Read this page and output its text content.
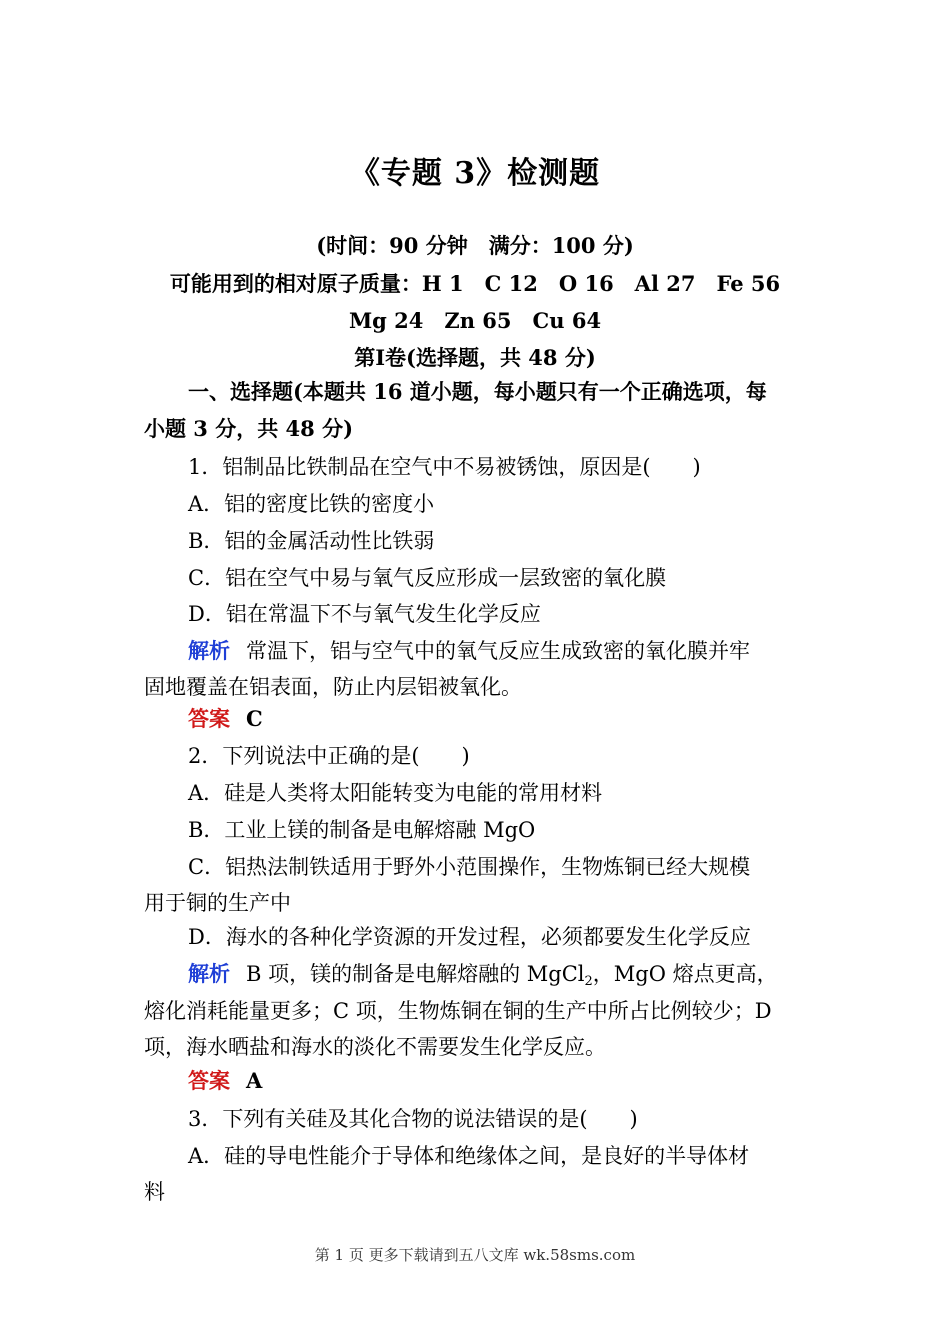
《专题 3》检测题
(时间：90 分钟　满分：100 分)
可能用到的相对原子质量：H 1　C 12　O 16　Al 27　Fe 56
Mg 24　Zn 65　Cu 64
第Ⅰ卷(选择题，共 48 分)
一、选择题(本题共 16 道小题，每小题只有一个正确选项，每
小题 3 分，共 48 分)
1．铝制品比铁制品在空气中不易被锈蚀，原因是(　　)
A．铝的密度比铁的密度小
B．铝的金属活动性比铁弱
C．铝在空气中易与氧气反应形成一层致密的氧化膜
D．铝在常温下不与氧气发生化学反应
解析 常温下，铝与空气中的氧气反应生成致密的氧化膜并牢
固地覆盖在铝表面，防止内层铝被氧化。
答案 C
2．下列说法中正确的是(　　)
A．硅是人类将太阳能转变为电能的常用材料
B．工业上镁的制备是电解熔融 MgO
C．铝热法制铁适用于野外小范围操作，生物炼铜已经大规模
用于铜的生产中
D．海水的各种化学资源的开发过程，必须都要发生化学反应
解析 B 项，镁的制备是电解熔融的 MgCl$_2$，MgO 熔点更高，
熔化消耗能量更多；C 项，生物炼铜在铜的生产中所占比例较少；D
项，海水晒盐和海水的淡化不需要发生化学反应。
答案 A
3．下列有关硅及其化合物的说法错误的是(　　)
A．硅的导电性能介于导体和绝缘体之间，是良好的半导体材
料
第 1 页 更多下载请到五八文库 wk.58sms.com
